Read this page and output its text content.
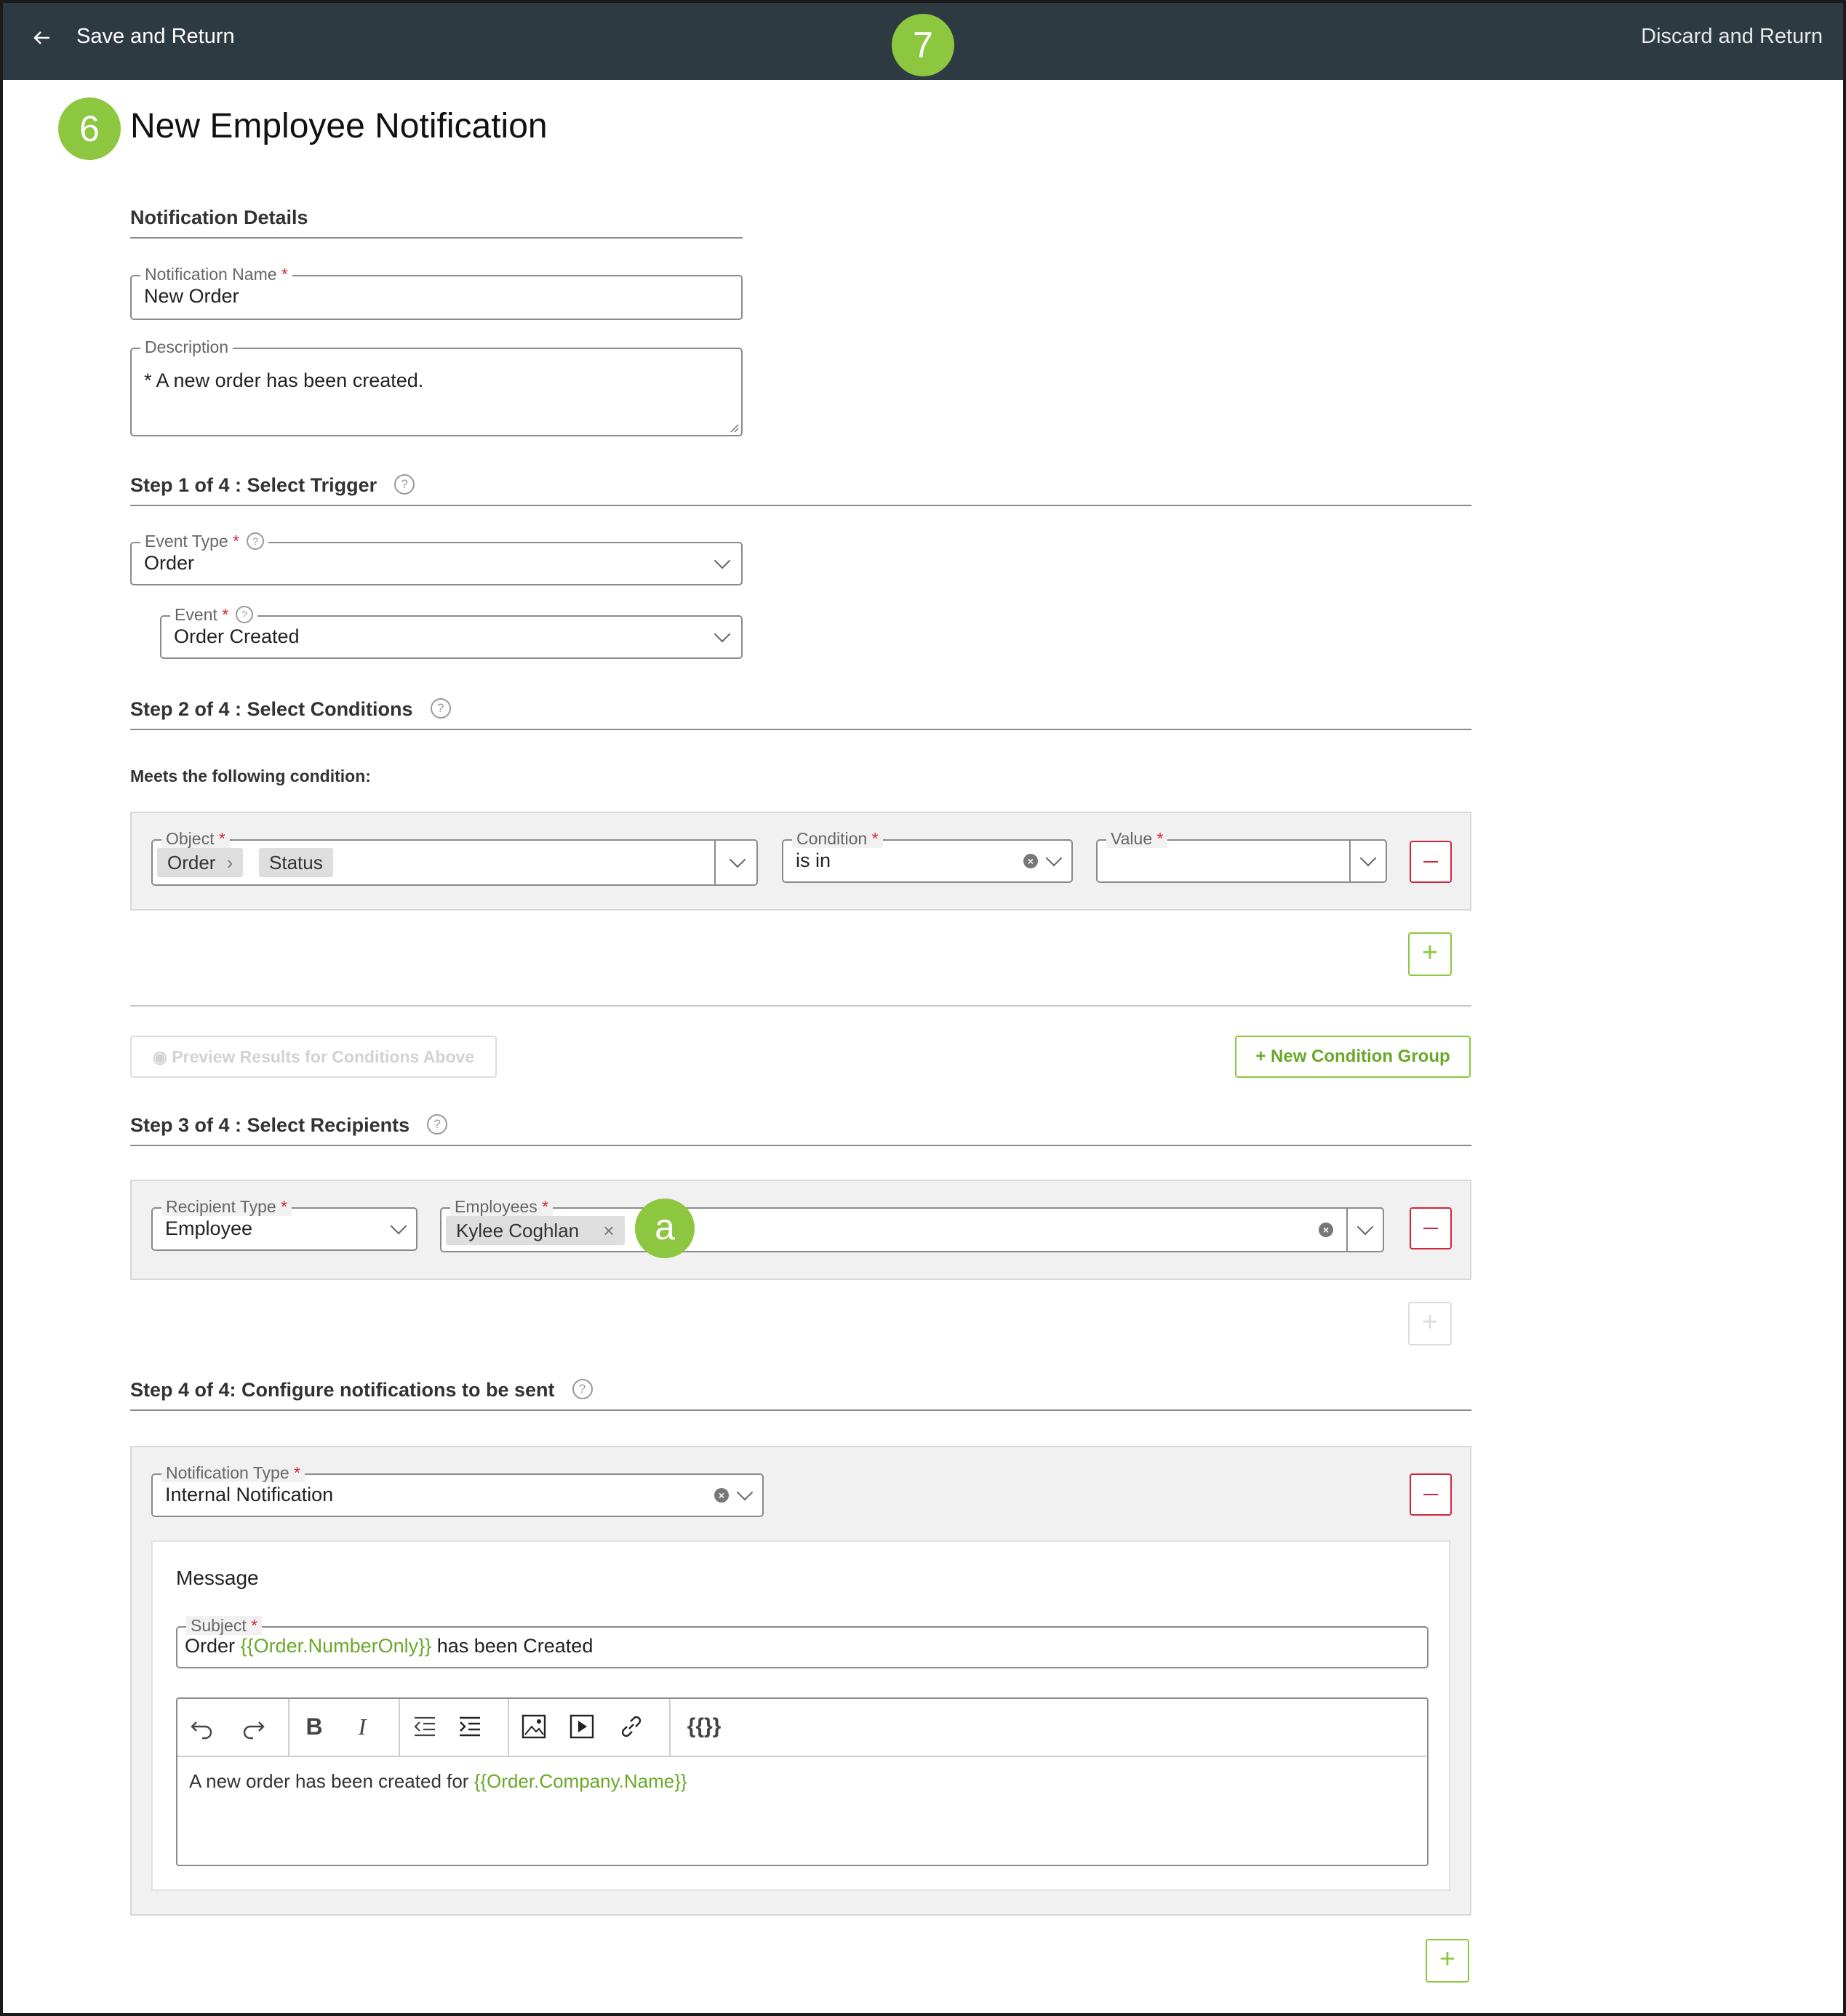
Save and Return	7	Discard and Return
6 New Employee Notification
Notification Details
Notification Name *
New Order
Description
* A new order has been created.
Step 1 of 4 : Select Trigger ?
Event Type * ?
Order
Event * ?
Order Created
Step 2 of 4 : Select Conditions ?
Meets the following condition:
Object *
Order ›	Status
Condition *
is in	×
Value *
+
◉ Preview Results for Conditions Above	+ New Condition Group
Step 3 of 4 : Select Recipients ?
Recipient Type *
Employee
Employees *
Kylee Coghlan ×	×
a
+
Step 4 of 4: Configure notifications to be sent ?
Notification Type *
Internal Notification	×
Message
Subject *
Order {{Order.NumberOnly}} has been Created
B	I	{{}}
A new order has been created for {{Order.Company.Name}}
+
